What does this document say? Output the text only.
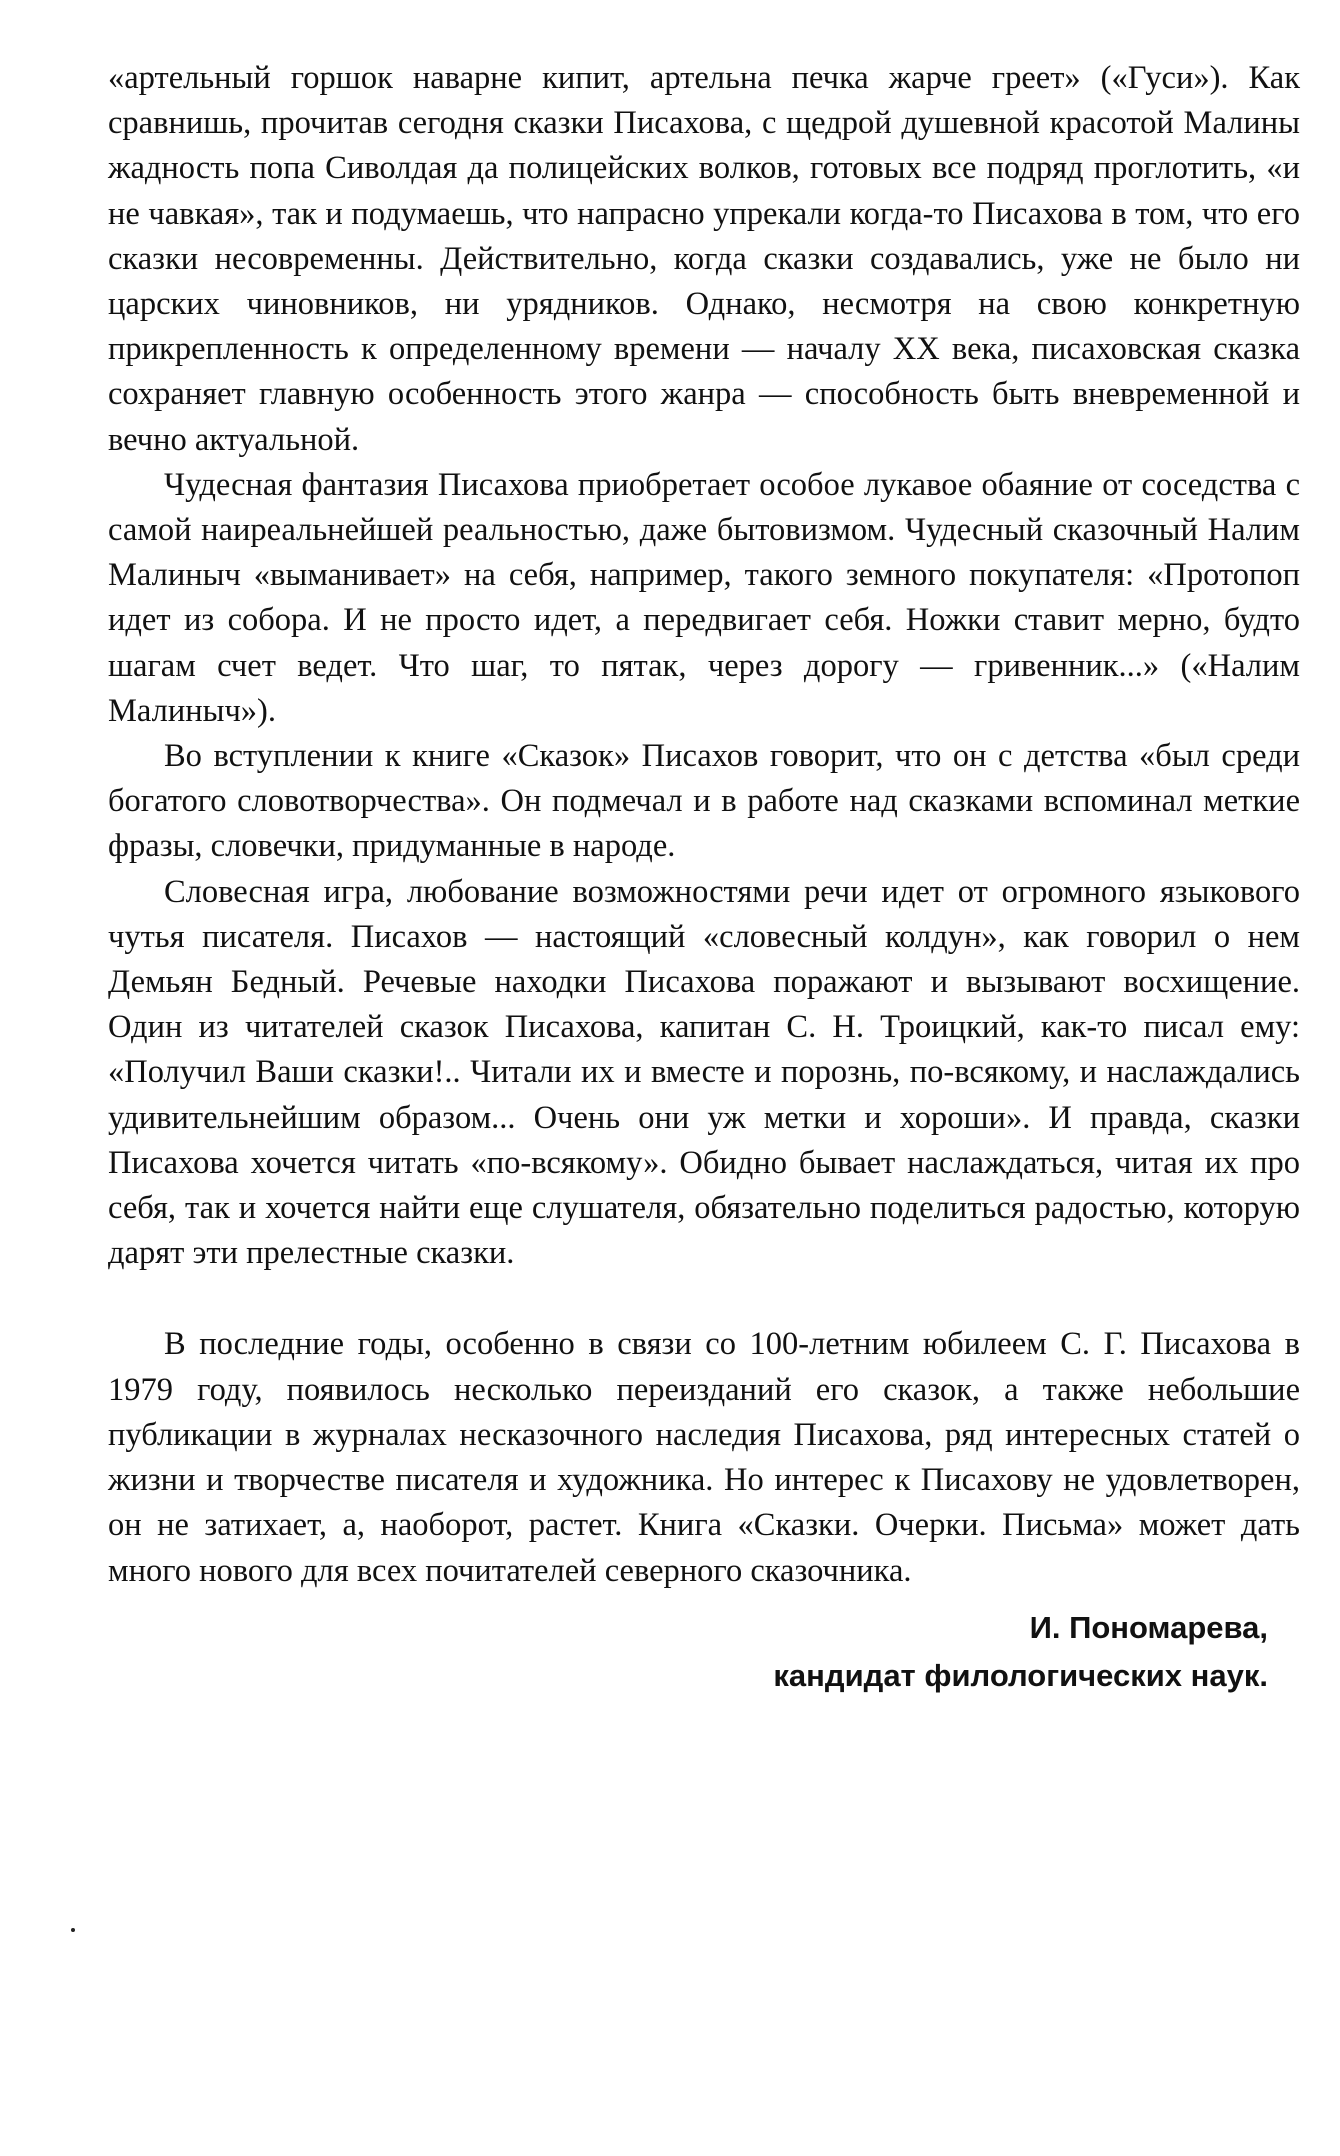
«артельный горшок наварне кипит, артельна печка жарче греет» («Гуси»). Как сравнишь, прочитав сегодня сказки Писахова, с щедрой душевной красотой Малины жадность попа Сиволдая да полицейских волков, готовых все подряд проглотить, «и не чавкая», так и подумаешь, что напрасно упрекали когда-то Писахова в том, что его сказки несовременны. Действительно, когда сказки создавались, уже не было ни царских чиновников, ни урядников. Однако, несмотря на свою конкретную прикрепленность к определенному времени — началу XX века, писаховская сказка сохраняет главную особенность этого жанра — способность быть вневременной и вечно актуальной.

Чудесная фантазия Писахова приобретает особое лукавое обаяние от соседства с самой наиреальнейшей реальностью, даже бытовизмом. Чудесный сказочный Налим Малиныч «выманивает» на себя, например, такого земного покупателя: «Протопоп идет из собора. И не просто идет, а передвигает себя. Ножки ставит мерно, будто шагам счет ведет. Что шаг, то пятак, через дорогу — гривенник...» («Налим Малиныч»).

Во вступлении к книге «Сказок» Писахов говорит, что он с детства «был среди богатого словотворчества». Он подмечал и в работе над сказками вспоминал меткие фразы, словечки, придуманные в народе.

Словесная игра, любование возможностями речи идет от огромного языкового чутья писателя. Писахов — настоящий «словесный колдун», как говорил о нем Демьян Бедный. Речевые находки Писахова поражают и вызывают восхищение. Один из читателей сказок Писахова, капитан С. Н. Троицкий, как-то писал ему: «Получил Ваши сказки!.. Читали их и вместе и порознь, по-всякому, и наслаждались удивительнейшим образом... Очень они уж метки и хороши». И правда, сказки Писахова хочется читать «по-всякому». Обидно бывает наслаждаться, читая их про себя, так и хочется найти еще слушателя, обязательно поделиться радостью, которую дарят эти прелестные сказки.

В последние годы, особенно в связи со 100-летним юбилеем С. Г. Писахова в 1979 году, появилось несколько переизданий его сказок, а также небольшие публикации в журналах несказочного наследия Писахова, ряд интересных статей о жизни и творчестве писателя и художника. Но интерес к Писахову не удовлетворен, он не затихает, а, наоборот, растет. Книга «Сказки. Очерки. Письма» может дать много нового для всех почитателей северного сказочника.

И. Пономарева,
кандидат филологических наук.
